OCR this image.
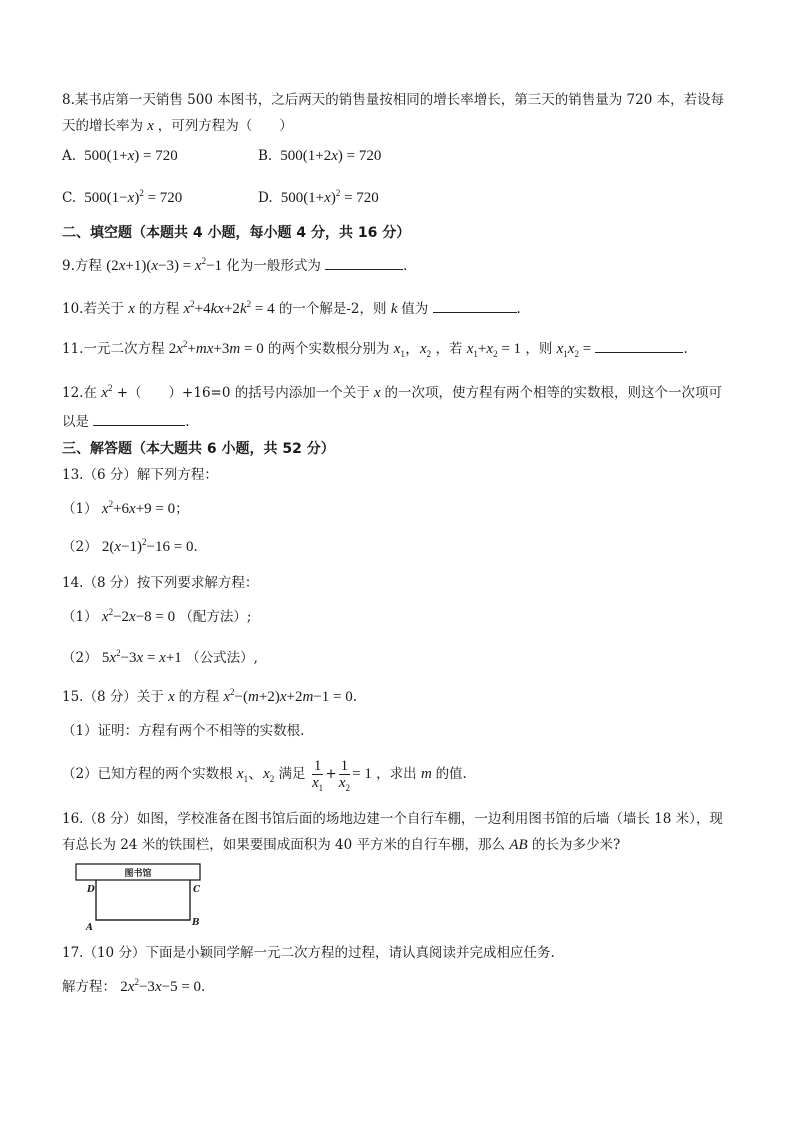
8.某书店第一天销售 500 本图书，之后两天的销售量按相同的增长率增长，第三天的销售量为 720 本，若设每
天的增长率为 x ，可列方程为（　　）
A.  500(1+x) = 720	B.  500(1+2x) = 720
C.  $500(1-x)^2 = 720$	D.  $500(1+x)^2 = 720$
二、填空题（本题共 4 小题，每小题 4 分，共 16 分）
9.方程 $(2x+1)(x-3) = x^2-1$ 化为一般形式为	.
10.若关于 x 的方程 $x^2+4kx+2k^2 = 4$ 的一个解是-2，则 k 值为	.
11.一元二次方程 $2x^2+mx+3m = 0$ 的两个实数根分别为 $x_1$，$x_2$ ，若 $x_1+x_2 = 1$ ，则 $x_1x_2$ =	.
12.在 $x^2$ +（　　）+16=0 的括号内添加一个关于 x 的一次项，使方程有两个相等的实数根，则这个一次项可
以是	.
三、解答题（本大题共 6 小题，共 52 分）
13.（6 分）解下列方程：
（1） $x^2+6x+9 = 0$；
（2） $2(x-1)^2-16 = 0$.
14.（8 分）按下列要求解方程：
（1） $x^2-2x-8 = 0$ （配方法）;
（2） $5x^2-3x = x+1$ （公式法）,
15.（8 分）关于 x 的方程 $x^2-(m+2)x+2m-1 = 0$.
（1）证明：方程有两个不相等的实数根.
（2）已知方程的两个实数根 $x_1$、$x_2$ 满足 $\frac{1}{x_1} + \frac{1}{x_2} = 1$ ，求出 m 的值.
16.（8 分）如图，学校准备在图书馆后面的场地边建一个自行车棚，一边利用图书馆的后墙（墙长 18 米），现
有总长为 24 米的铁围栏，如果要围成面积为 40 平方米的自行车棚，那么 AB 的长为多少米?
图书馆
D	C
A	B
17.（10 分）下面是小颖同学解一元二次方程的过程，请认真阅读并完成相应任务.
解方程： $2x^2-3x-5 = 0$.
